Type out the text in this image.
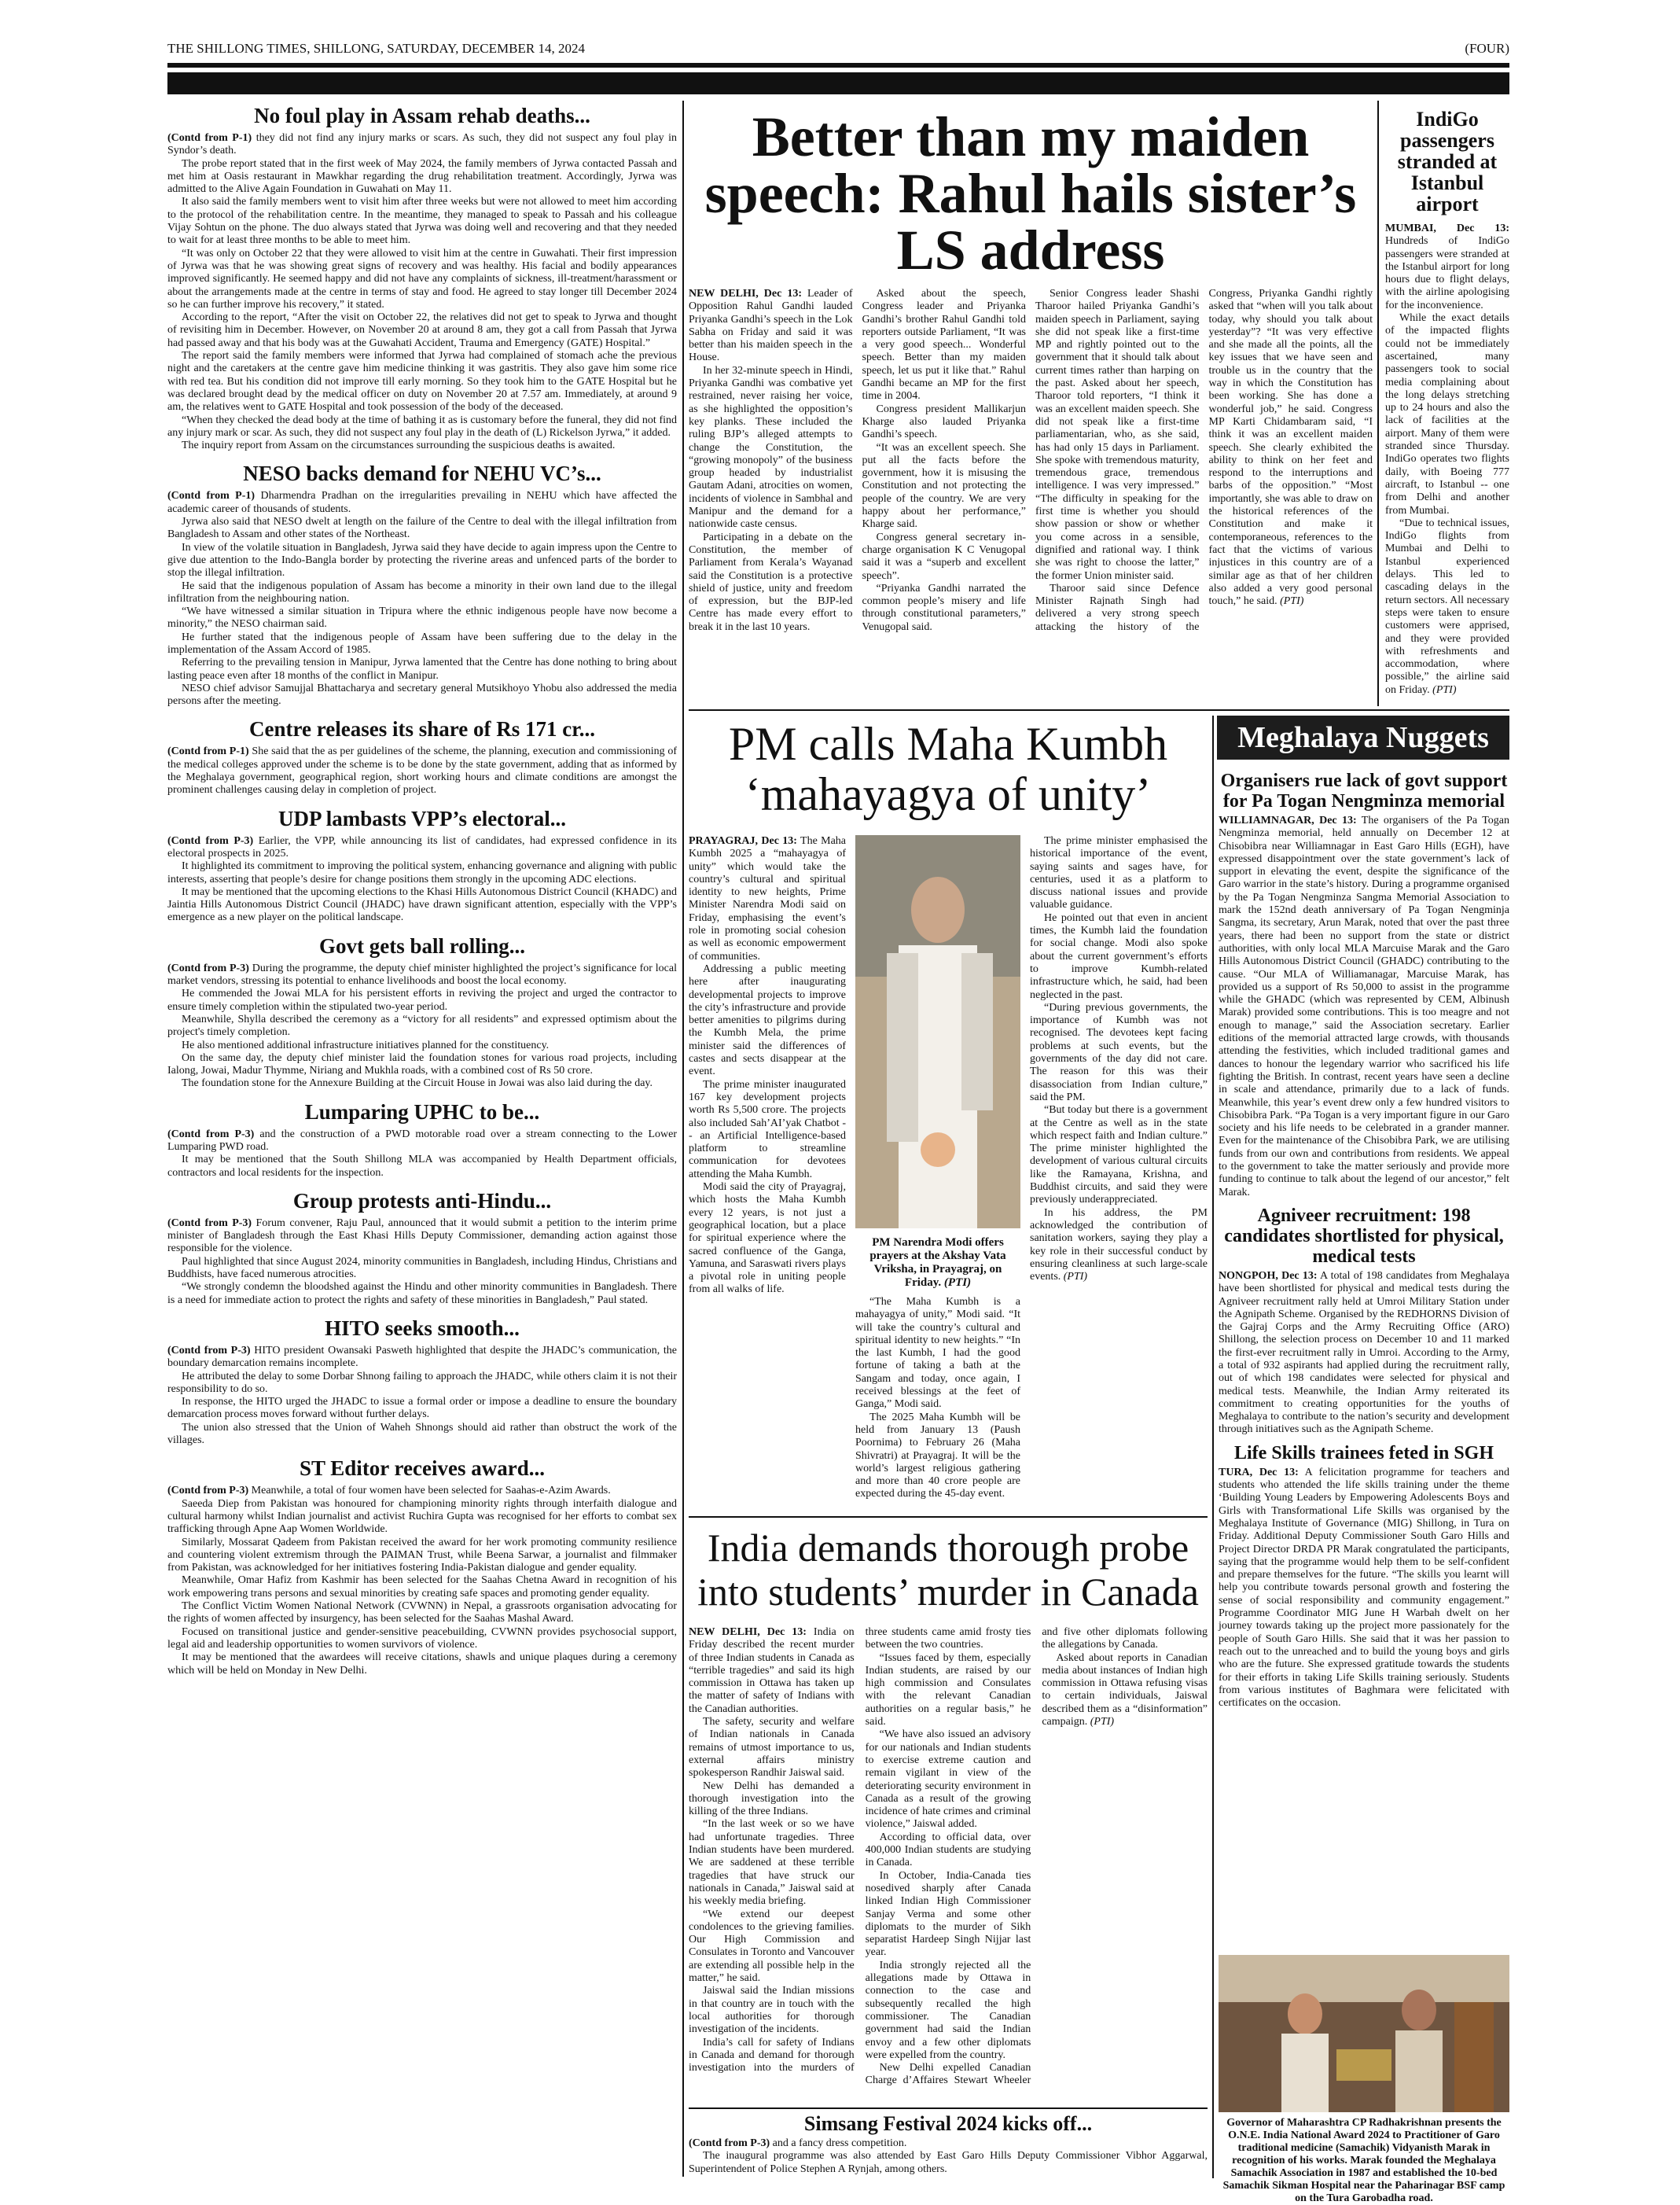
THE SHILLONG TIMES, SHILLONG, SATURDAY, DECEMBER 14, 2024	(FOUR)
No foul play in Assam rehab deaths...

(Contd from P-1) they did not find any injury marks or scars. As such, they did not suspect any foul play in Syndor’s death.

The probe report stated that in the first week of May 2024, the family members of Jyrwa contacted Passah and met him at Oasis restaurant in Mawkhar regarding the drug rehabilitation treatment. Accordingly, Jyrwa was admitted to the Alive Again Foundation in Guwahati on May 11.

It also said the family members went to visit him after three weeks but were not allowed to meet him according to the protocol of the rehabilitation centre. In the meantime, they managed to speak to Passah and his colleague Vijay Sohtun on the phone. The duo always stated that Jyrwa was doing well and recovering and that they needed to wait for at least three months to be able to meet him.

“It was only on October 22 that they were allowed to visit him at the centre in Guwahati. Their first impression of Jyrwa was that he was showing great signs of recovery and was healthy. His facial and bodily appearances improved significantly. He seemed happy and did not have any complaints of sickness, ill-treatment/harassment or about the arrangements made at the centre in terms of stay and food. He agreed to stay longer till December 2024 so he can further improve his recovery,” it stated.

According to the report, “After the visit on October 22, the relatives did not get to speak to Jyrwa and thought of revisiting him in December. However, on November 20 at around 8 am, they got a call from Passah that Jyrwa had passed away and that his body was at the Guwahati Accident, Trauma and Emergency (GATE) Hospital.”

The report said the family members were informed that Jyrwa had complained of stomach ache the previous night and the caretakers at the centre gave him medicine thinking it was gastritis. They also gave him some rice with red tea. But his condition did not improve till early morning. So they took him to the GATE Hospital but he was declared brought dead by the medical officer on duty on November 20 at 7.57 am. Immediately, at around 9 am, the relatives went to GATE Hospital and took possession of the body of the deceased.

“When they checked the dead body at the time of bathing it as is customary before the funeral, they did not find any injury mark or scar. As such, they did not suspect any foul play in the death of (L) Rickelson Jyrwa,” it added.

The inquiry report from Assam on the circumstances surrounding the suspicious deaths is awaited.

NESO backs demand for NEHU VC’s...

(Contd from P-1) Dharmendra Pradhan on the irregularities prevailing in NEHU which have affected the academic career of thousands of students.

Jyrwa also said that NESO dwelt at length on the failure of the Centre to deal with the illegal infiltration from Bangladesh to Assam and other states of the Northeast.

In view of the volatile situation in Bangladesh, Jyrwa said they have decide to again impress upon the Centre to give due attention to the Indo-Bangla border by protecting the riverine areas and unfenced parts of the border to stop the illegal infiltration.

He said that the indigenous population of Assam has become a minority in their own land due to the illegal infiltration from the neighbouring nation.

“We have witnessed a similar situation in Tripura where the ethnic indigenous people have now become a minority,” the NESO chairman said.

He further stated that the indigenous people of Assam have been suffering due to the delay in the implementation of the Assam Accord of 1985.

Referring to the prevailing tension in Manipur, Jyrwa lamented that the Centre has done nothing to bring about lasting peace even after 18 months of the conflict in Manipur.

NESO chief advisor Samujjal Bhattacharya and secretary general Mutsikhoyo Yhobu also addressed the media persons after the meeting.

Centre releases its share of Rs 171 cr...

(Contd from P-1) She said that the as per guidelines of the scheme, the planning, execution and commissioning of the medical colleges approved under the scheme is to be done by the state government, adding that as informed by the Meghalaya government, geographical region, short working hours and climate conditions are amongst the prominent challenges causing delay in completion of project.

UDP lambasts VPP’s electoral...

(Contd from P-3) Earlier, the VPP, while announcing its list of candidates, had expressed confidence in its electoral prospects in 2025.

It highlighted its commitment to improving the political system, enhancing governance and aligning with public interests, asserting that people’s desire for change positions them strongly in the upcoming ADC elections.

It may be mentioned that the upcoming elections to the Khasi Hills Autonomous District Council (KHADC) and Jaintia Hills Autonomous District Council (JHADC) have drawn significant attention, especially with the VPP’s emergence as a new player on the political landscape.

Govt gets ball rolling...

(Contd from P-3) During the programme, the deputy chief minister highlighted the project’s significance for local market vendors, stressing its potential to enhance livelihoods and boost the local economy.

He commended the Jowai MLA for his persistent efforts in reviving the project and urged the contractor to ensure timely completion within the stipulated two-year period.

Meanwhile, Shylla described the ceremony as a “victory for all residents” and expressed optimism about the project's timely completion.

He also mentioned additional infrastructure initiatives planned for the constituency.

On the same day, the deputy chief minister laid the foundation stones for various road projects, including Ialong, Jowai, Madur Thymme, Niriang and Mukhla roads, with a combined cost of Rs 50 crore.

The foundation stone for the Annexure Building at the Circuit House in Jowai was also laid during the day.

Lumparing UPHC to be...

(Contd from P-3) and the construction of a PWD motorable road over a stream connecting to the Lower Lumparing PWD road.

It may be mentioned that the South Shillong MLA was accompanied by Health Department officials, contractors and local residents for the inspection.

Group protests anti-Hindu...

(Contd from P-3) Forum convener, Raju Paul, announced that it would submit a petition to the interim prime minister of Bangladesh through the East Khasi Hills Deputy Commissioner, demanding action against those responsible for the violence.

Paul highlighted that since August 2024, minority communities in Bangladesh, including Hindus, Christians and Buddhists, have faced numerous atrocities.

“We strongly condemn the bloodshed against the Hindu and other minority communities in Bangladesh. There is a need for immediate action to protect the rights and safety of these minorities in Bangladesh,” Paul stated.

HITO seeks smooth...

(Contd from P-3) HITO president Owansaki Pasweth highlighted that despite the JHADC’s communication, the boundary demarcation remains incomplete.

He attributed the delay to some Dorbar Shnong failing to approach the JHADC, while others claim it is not their responsibility to do so.

In response, the HITO urged the JHADC to issue a formal order or impose a deadline to ensure the boundary demarcation process moves forward without further delays.

The union also stressed that the Union of Waheh Shnongs should aid rather than obstruct the work of the villages.

ST Editor receives award...

(Contd from P-3) Meanwhile, a total of four women have been selected for Saahas-e-Azim Awards.

Saeeda Diep from Pakistan was honoured for championing minority rights through interfaith dialogue and cultural harmony whilst Indian journalist and activist Ruchira Gupta was recognised for her efforts to combat sex trafficking through Apne Aap Women Worldwide.

Similarly, Mossarat Qadeem from Pakistan received the award for her work promoting community resilience and countering violent extremism through the PAIMAN Trust, while Beena Sarwar, a journalist and filmmaker from Pakistan, was acknowledged for her initiatives fostering India-Pakistan dialogue and gender equality.

Meanwhile, Omar Hafiz from Kashmir has been selected for the Saahas Chetna Award in recognition of his work empowering trans persons and sexual minorities by creating safe spaces and promoting gender equality.

The Conflict Victim Women National Network (CVWNN) in Nepal, a grassroots organisation advocating for the rights of women affected by insurgency, has been selected for the Saahas Mashal Award.

Focused on transitional justice and gender-sensitive peacebuilding, CVWNN provides psychosocial support, legal aid and leadership opportunities to women survivors of violence.

It may be mentioned that the awardees will receive citations, shawls and unique plaques during a ceremony which will be held on Monday in New Delhi.

Better than my maiden speech: Rahul hails sister’s LS address

NEW DELHI, Dec 13: Leader of Opposition Rahul Gandhi lauded Priyanka Gandhi’s speech in the Lok Sabha on Friday and said it was better than his maiden speech in the House.

In her 32-minute speech in Hindi, Priyanka Gandhi was combative yet restrained, never raising her voice, as she highlighted the opposition’s key planks. These included the ruling BJP’s alleged attempts to change the Constitution, the “growing monopoly” of the business group headed by industrialist Gautam Adani, atrocities on women, incidents of violence in Sambhal and Manipur and the demand for a nationwide caste census.

Participating in a debate on the Constitution, the member of Parliament from Kerala’s Wayanad said the Constitution is a protective shield of justice, unity and freedom of expression, but the BJP-led Centre has made every effort to break it in the last 10 years.

Asked about the speech, Congress leader and Priyanka Gandhi’s brother Rahul Gandhi told reporters outside Parliament, “It was a very good speech... Wonderful speech. Better than my maiden speech, let us put it like that.” Rahul Gandhi became an MP for the first time in 2004.

Congress president Mallikarjun Kharge also lauded Priyanka Gandhi’s speech.

“It was an excellent speech. She put all the facts before the government, how it is misusing the Constitution and not protecting the people of the country. We are very happy about her performance,” Kharge said.

Congress general secretary in-charge organisation K C Venugopal said it was a “superb and excellent speech”.

“Priyanka Gandhi narrated the common people’s misery and life through constitutional parameters,” Venugopal said.

Senior Congress leader Shashi Tharoor hailed Priyanka Gandhi’s maiden speech in Parliament, saying she did not speak like a first-time MP and rightly pointed out to the government that it should talk about current times rather than harping on the past. Asked about her speech, Tharoor told reporters, “I think it was an excellent maiden speech. She did not speak like a first-time parliamentarian, who, as she said, has had only 15 days in Parliament. She spoke with tremendous maturity, tremendous grace, tremendous intelligence. I was very impressed.” “The difficulty in speaking for the first time is whether you should show passion or show or whether you come across in a sensible, dignified and rational way. I think she was right to choose the latter,” the former Union minister said.

Tharoor said since Defence Minister Rajnath Singh had delivered a very strong speech attacking the history of the Congress, Priyanka Gandhi rightly asked that “when will you talk about today, why should you talk about yesterday”? “It was very effective and she made all the points, all the key issues that we have seen and trouble us in the country that the way in which the Constitution has been working. She has done a wonderful job,” he said. Congress MP Karti Chidambaram said, “I think it was an excellent maiden speech. She clearly exhibited the ability to think on her feet and respond to the interruptions and barbs of the opposition.” “Most importantly, she was able to draw on the historical references of the Constitution and make it contemporaneous, references to the fact that the victims of various injustices in this country are of a similar age as that of her children also added a very good personal touch,” he said. (PTI)

IndiGo passengers stranded at Istanbul airport

MUMBAI, Dec 13: Hundreds of IndiGo passengers were stranded at the Istanbul airport for long hours due to flight delays, with the airline apologising for the inconvenience.

While the exact details of the impacted flights could not be immediately ascertained, many passengers took to social media complaining about the long delays stretching up to 24 hours and also the lack of facilities at the airport. Many of them were stranded since Thursday. IndiGo operates two flights daily, with Boeing 777 aircraft, to Istanbul -- one from Delhi and another from Mumbai.

“Due to technical issues, IndiGo flights from Mumbai and Delhi to Istanbul experienced delays. This led to cascading delays in the return sectors. All necessary steps were taken to ensure customers were apprised, and they were provided with refreshments and accommodation, where possible,” the airline said on Friday. (PTI)

PM calls Maha Kumbh ‘mahayagya of unity’

PRAYAGRAJ, Dec 13: The Maha Kumbh 2025 a “mahayagya of unity” which would take the country’s cultural and spiritual identity to new heights, Prime Minister Narendra Modi said on Friday, emphasising the event’s role in promoting social cohesion as well as economic empowerment of communities.

Addressing a public meeting here after inaugurating developmental projects to improve the city’s infrastructure and provide better amenities to pilgrims during the Kumbh Mela, the prime minister said the differences of castes and sects disappear at the event.

The prime minister inaugurated 167 key development projects worth Rs 5,500 crore. The projects also included Sah’AI’yak Chatbot -- an Artificial Intelligence-based platform to streamline communication for devotees attending the Maha Kumbh.

Modi said the city of Prayagraj, which hosts the Maha Kumbh every 12 years, is not just a geographical location, but a place for spiritual experience where the sacred confluence of the Ganga, Yamuna, and Saraswati rivers plays a pivotal role in uniting people from all walks of life.

PM Narendra Modi offers prayers at the Akshay Vata Vriksha, in Prayagraj, on Friday. (PTI)

“The Maha Kumbh is a mahayagya of unity,” Modi said. “It will take the country’s cultural and spiritual identity to new heights.” “In the last Kumbh, I had the good fortune of taking a bath at the Sangam and today, once again, I received blessings at the feet of Ganga,” Modi said.

The 2025 Maha Kumbh will be held from January 13 (Paush Poornima) to February 26 (Maha Shivratri) at Prayagraj. It will be the world’s largest religious gathering and more than 40 crore people are expected during the 45-day event.

The prime minister emphasised the historical importance of the event, saying saints and sages have, for centuries, used it as a platform to discuss national issues and provide valuable guidance.

He pointed out that even in ancient times, the Kumbh laid the foundation for social change. Modi also spoke about the current government’s efforts to improve Kumbh-related infrastructure which, he said, had been neglected in the past.

“During previous governments, the importance of Kumbh was not recognised. The devotees kept facing problems at such events, but the governments of the day did not care. The reason for this was their disassociation from Indian culture,” said the PM.

“But today but there is a government at the Centre as well as in the state which respect faith and Indian culture.” The prime minister highlighted the development of various cultural circuits like the Ramayana, Krishna, and Buddhist circuits, and said they were previously underappreciated.

In his address, the PM acknowledged the contribution of sanitation workers, saying they play a key role in their successful conduct by ensuring cleanliness at such large-scale events. (PTI)

India demands thorough probe into students’ murder in Canada

NEW DELHI, Dec 13: India on Friday described the recent murder of three Indian students in Canada as “terrible tragedies” and said its high commission in Ottawa has taken up the matter of safety of Indians with the Canadian authorities.

The safety, security and welfare of Indian nationals in Canada remains of utmost importance to us, external affairs ministry spokesperson Randhir Jaiswal said.

New Delhi has demanded a thorough investigation into the killing of the three Indians.

“In the last week or so we have had unfortunate tragedies. Three Indian students have been murdered. We are saddened at these terrible tragedies that have struck our nationals in Canada,” Jaiswal said at his weekly media briefing.

“We extend our deepest condolences to the grieving families. Our High Commission and Consulates in Toronto and Vancouver are extending all possible help in the matter,” he said.

Jaiswal said the Indian missions in that country are in touch with the local authorities for thorough investigation of the incidents.

India’s call for safety of Indians in Canada and demand for thorough investigation into the murders of three students came amid frosty ties between the two countries.

“Issues faced by them, especially Indian students, are raised by our high commission and Consulates with the relevant Canadian authorities on a regular basis,” he said.

“We have also issued an advisory for our nationals and Indian students to exercise extreme caution and remain vigilant in view of the deteriorating security environment in Canada as a result of the growing incidence of hate crimes and criminal violence,” Jaiswal added.

According to official data, over 400,000 Indian students are studying in Canada.

In October, India-Canada ties nosedived sharply after Canada linked Indian High Commissioner Sanjay Verma and some other diplomats to the murder of Sikh separatist Hardeep Singh Nijjar last year.

India strongly rejected all the allegations made by Ottawa in connection to the case and subsequently recalled the high commissioner. The Canadian government had said the Indian envoy and a few other diplomats were expelled from the country.

New Delhi expelled Canadian Charge d’Affaires Stewart Wheeler and five other diplomats following the allegations by Canada.

Asked about reports in Canadian media about instances of Indian high commission in Ottawa refusing visas to certain individuals, Jaiswal described them as a “disinformation” campaign. (PTI)

Simsang Festival 2024 kicks off...

(Contd from P-3) and a fancy dress competition.

The inaugural programme was also attended by East Garo Hills Deputy Commissioner Vibhor Aggarwal, Superintendent of Police Stephen A Rynjah, among others.

Meghalaya Nuggets
Organisers rue lack of govt support for Pa Togan Nengminza memorial

WILLIAMNAGAR, Dec 13: The organisers of the Pa Togan Nengminza memorial, held annually on December 12 at Chisobibra near Williamnagar in East Garo Hills (EGH), have expressed disappointment over the state government’s lack of support in elevating the event, despite the significance of the Garo warrior in the state’s history. During a programme organised by the Pa Togan Nengminza Sangma Memorial Association to mark the 152nd death anniversary of Pa Togan Nengminja Sangma, its secretary, Arun Marak, noted that over the past three years, there had been no support from the state or district authorities, with only local MLA Marcuise Marak and the Garo Hills Autonomous District Council (GHADC) contributing to the cause. “Our MLA of Williamanagar, Marcuise Marak, has provided us a support of Rs 50,000 to assist in the programme while the GHADC (which was represented by CEM, Albinush Marak) provided some contributions. This is too meagre and not enough to manage,” said the Association secretary. Earlier editions of the memorial attracted large crowds, with thousands attending the festivities, which included traditional games and dances to honour the legendary warrior who sacrificed his life fighting the British. In contrast, recent years have seen a decline in scale and attendance, primarily due to a lack of funds. Meanwhile, this year’s event drew only a few hundred visitors to Chisobibra Park. “Pa Togan is a very important figure in our Garo society and his life needs to be celebrated in a grander manner. Even for the maintenance of the Chisobibra Park, we are utilising funds from our own and contributions from residents. We appeal to the government to take the matter seriously and provide more funding to continue to talk about the legend of our ancestor,” felt Marak.

Agniveer recruitment: 198 candidates shortlisted for physical, medical tests

NONGPOH, Dec 13: A total of 198 candidates from Meghalaya have been shortlisted for physical and medical tests during the Agniveer recruitment rally held at Umroi Military Station under the Agnipath Scheme. Organised by the REDHORNS Division of the Gajraj Corps and the Army Recruiting Office (ARO) Shillong, the selection process on December 10 and 11 marked the first-ever recruitment rally in Umroi. According to the Army, a total of 932 aspirants had applied during the recruitment rally, out of which 198 candidates were selected for physical and medical tests. Meanwhile, the Indian Army reiterated its commitment to creating opportunities for the youths of Meghalaya to contribute to the nation’s security and development through initiatives such as the Agnipath Scheme.

Life Skills trainees feted in SGH

TURA, Dec 13: A felicitation programme for teachers and students who attended the life skills training under the theme ‘Building Young Leaders by Empowering Adolescents Boys and Girls with Transformational Life Skills was organised by the Meghalaya Institute of Governance (MIG) Shillong, in Tura on Friday. Additional Deputy Commissioner South Garo Hills and Project Director DRDA PR Marak congratulated the participants, saying that the programme would help them to be self-confident and prepare themselves for the future. “The skills you learnt will help you contribute towards personal growth and fostering the sense of social responsibility and community engagement.” Programme Coordinator MIG June H Warbah dwelt on her journey towards taking up the project more passionately for the people of South Garo Hills. She said that it was her passion to reach out to the unreached and to build the young boys and girls who are the future. She expressed gratitude towards the students for their efforts in taking Life Skills training seriously. Students from various institutes of Baghmara were felicitated with certificates on the occasion.

Governor of Maharashtra CP Radhakrishnan presents the O.N.E. India National Award 2024 to Practitioner of Garo traditional medicine (Samachik) Vidyanisth Marak in recognition of his works. Marak founded the Meghalaya Samachik Association in 1987 and established the 10-bed Samachik Sikman Hospital near the Paharinagar BSF camp on the Tura Garobadha road.
